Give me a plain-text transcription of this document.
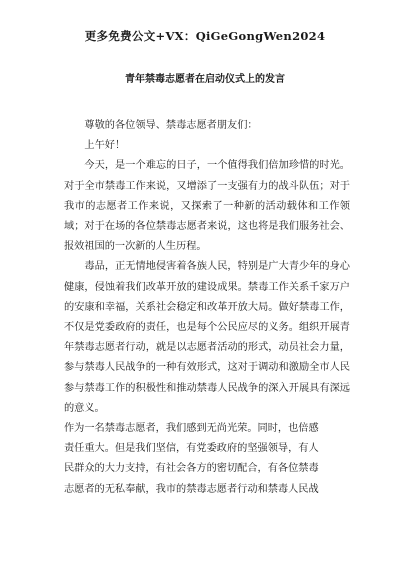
更多免费公文+VX：QiGeGongWen2024
青年禁毒志愿者在启动仪式上的发言

尊敬的各位领导、禁毒志愿者朋友们：

上午好！

今天，是一个难忘的日子，一个值得我们倍加珍惜的时光。对于全市禁毒工作来说，又增添了一支强有力的战斗队伍；对于我市的志愿者工作来说，又探索了一种新的活动载体和工作领域；对于在场的各位禁毒志愿者来说，这也将是我们服务社会、报效祖国的一次新的人生历程。

毒品，正无情地侵害着各族人民，特别是广大青少年的身心健康，侵蚀着我们改革开放的建设成果。禁毒工作关系千家万户的安康和幸福，关系社会稳定和改革开放大局。做好禁毒工作，不仅是党委政府的责任，也是每个公民应尽的义务。组织开展青年禁毒志愿者行动，就是以志愿者活动的形式，动员社会力量，参与禁毒人民战争的一种有效形式，这对于调动和激励全市人民参与禁毒工作的积极性和推动禁毒人民战争的深入开展具有深远的意义。

作为一名禁毒志愿者，我们感到无尚光荣。同时，也倍感
责任重大。但是我们坚信，有党委政府的坚强领导，有人
民群众的大力支持，有社会各方的密切配合，有各位禁毒
志愿者的无私奉献，我市的禁毒志愿者行动和禁毒人民战
